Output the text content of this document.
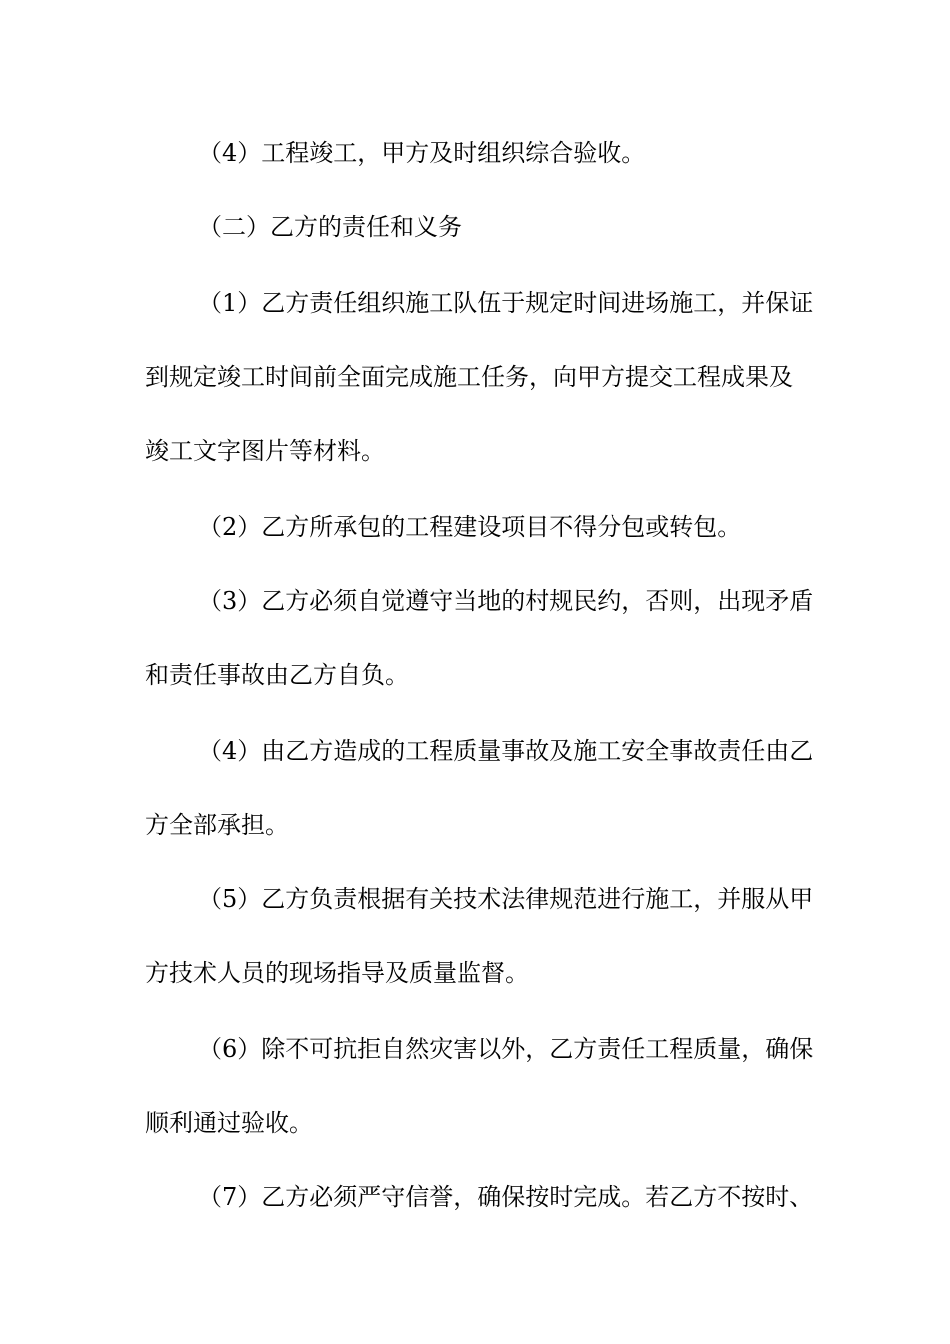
（4）工程竣工，甲方及时组织综合验收。

（二）乙方的责任和义务

（1）乙方责任组织施工队伍于规定时间进场施工，并保证

到规定竣工时间前全面完成施工任务，向甲方提交工程成果及

竣工文字图片等材料。

（2）乙方所承包的工程建设项目不得分包或转包。

（3）乙方必须自觉遵守当地的村规民约，否则，出现矛盾

和责任事故由乙方自负。

（4）由乙方造成的工程质量事故及施工安全事故责任由乙

方全部承担。

（5）乙方负责根据有关技术法律规范进行施工，并服从甲

方技术人员的现场指导及质量监督。

（6）除不可抗拒自然灾害以外，乙方责任工程质量，确保

顺利通过验收。

（7）乙方必须严守信誉，确保按时完成。若乙方不按时、
